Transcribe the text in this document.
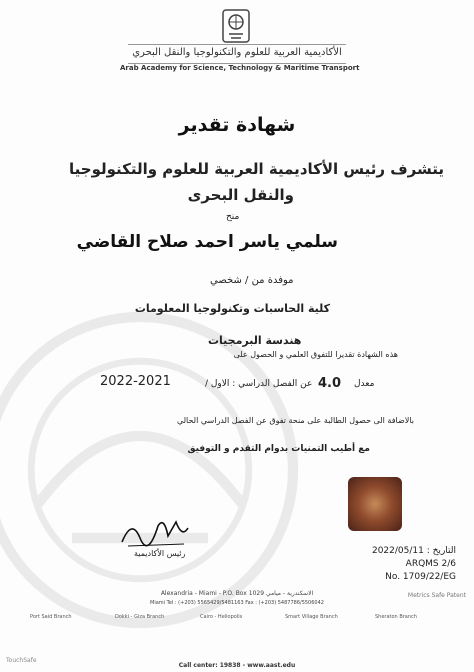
الأكاديمية العربية للعلوم والتكنولوجيا والنقل البحري
Arab Academy for Science, Technology & Maritime Transport
شهادة تقدير
يتشرف رئيس الأكاديمية العربية للعلوم والتكنولوجيا
والنقل البحرى
منح
سلمي ياسر احمد صلاح القاضي
موفدة من / شخصي
كلية الحاسبات وتكنولوجيا المعلومات
هندسة البرمجيات
هذه الشهادة تقديرا للتفوق العلمي و الحصول على
معدل
4.0
عن الفصل الدراسي : الاول /
2022-2021
بالاضافة الى حصول الطالبة على منحة تفوق عن الفصل الدراسي الحالي
مع أطيب التمنيات بدوام التقدم و التوفيق
رئيس الأكاديمية	التاريخ : 2022/05/11
ARQMS 2/6
No. 1709/22/EG
Metrics Safe Patent
Alexandria - Miami - P.O. Box 1029 الاسكندرية - ميامي
Miami Tel : (+203) 5565429/5481163 Fax : (+203) 5487786/5506042
Port Said Branch	Dokki - Giza Branch	Cairo - Heliopolis	Smart Village Branch	Sheraton Branch
TouchSafe
Call center: 19838 - www.aast.edu
